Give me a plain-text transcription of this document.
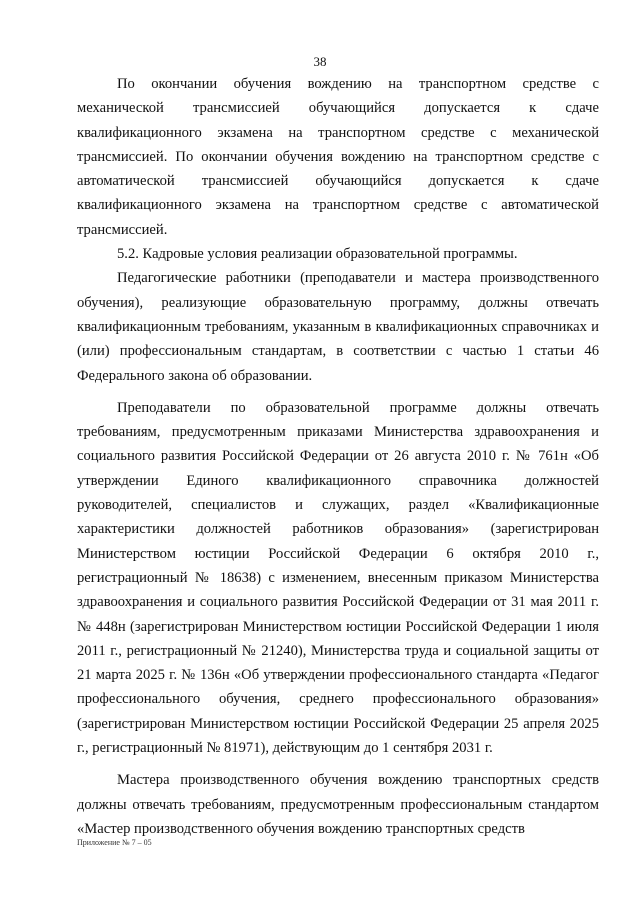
38

По окончании обучения вождению на транспортном средстве с механической трансмиссией обучающийся допускается к сдаче квалификационного экзамена на транспортном средстве с механической трансмиссией. По окончании обучения вождению на транспортном средстве с автоматической трансмиссией обучающийся допускается к сдаче квалификационного экзамена на транспортном средстве с автоматической трансмиссией.

5.2. Кадровые условия реализации образовательной программы.

Педагогические работники (преподаватели и мастера производственного обучения), реализующие образовательную программу, должны отвечать квалификационным требованиям, указанным в квалификационных справочниках и (или) профессиональным стандартам, в соответствии с частью 1 статьи 46 Федерального закона об образовании.

Преподаватели по образовательной программе должны отвечать требованиям, предусмотренным приказами Министерства здравоохранения и социального развития Российской Федерации от 26 августа 2010 г. № 761н «Об утверждении Единого квалификационного справочника должностей руководителей, специалистов и служащих, раздел «Квалификационные характеристики должностей работников образования» (зарегистрирован Министерством юстиции Российской Федерации 6 октября 2010 г., регистрационный № 18638) с изменением, внесенным приказом Министерства здравоохранения и социального развития Российской Федерации от 31 мая 2011 г. № 448н (зарегистрирован Министерством юстиции Российской Федерации 1 июля 2011 г., регистрационный № 21240), Министерства труда и социальной защиты от 21 марта 2025 г. № 136н «Об утверждении профессионального стандарта «Педагог профессионального обучения, среднего профессионального образования» (зарегистрирован Министерством юстиции Российской Федерации 25 апреля 2025 г., регистрационный № 81971), действующим до 1 сентября 2031 г.

Мастера производственного обучения вождению транспортных средств должны отвечать требованиям, предусмотренным профессиональным стандартом «Мастер производственного обучения вождению транспортных средств

Приложение № 7 – 05
